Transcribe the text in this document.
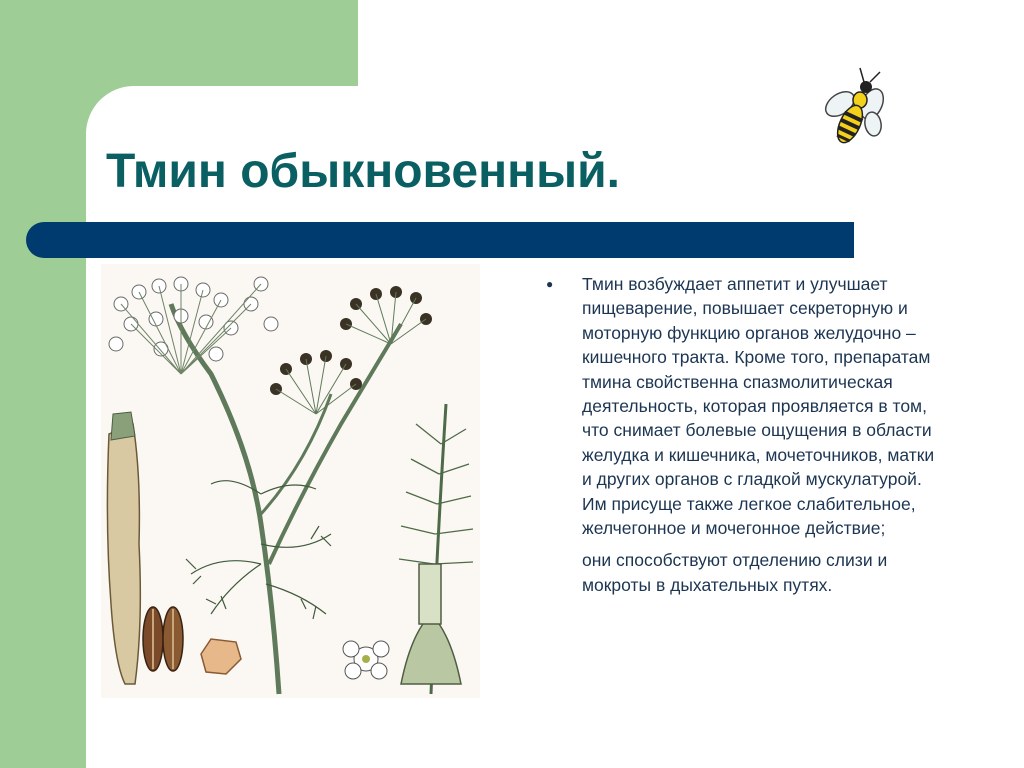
Тмин обыкновенный.
● Тмин возбуждает аппетит и улучшает пищеварение, повышает секреторную и моторную функцию органов желудочно – кишечного тракта. Кроме того, препаратам тмина свойственна спазмолитическая деятельность, которая проявляется в том, что снимает болевые ощущения в области желудка и кишечника, мочеточников, матки и других органов с гладкой мускулатурой. Им присуще также легкое слабительное, желчегонное и мочегонное действие;

они способствуют отделению слизи и мокроты в дыхательных путях.
